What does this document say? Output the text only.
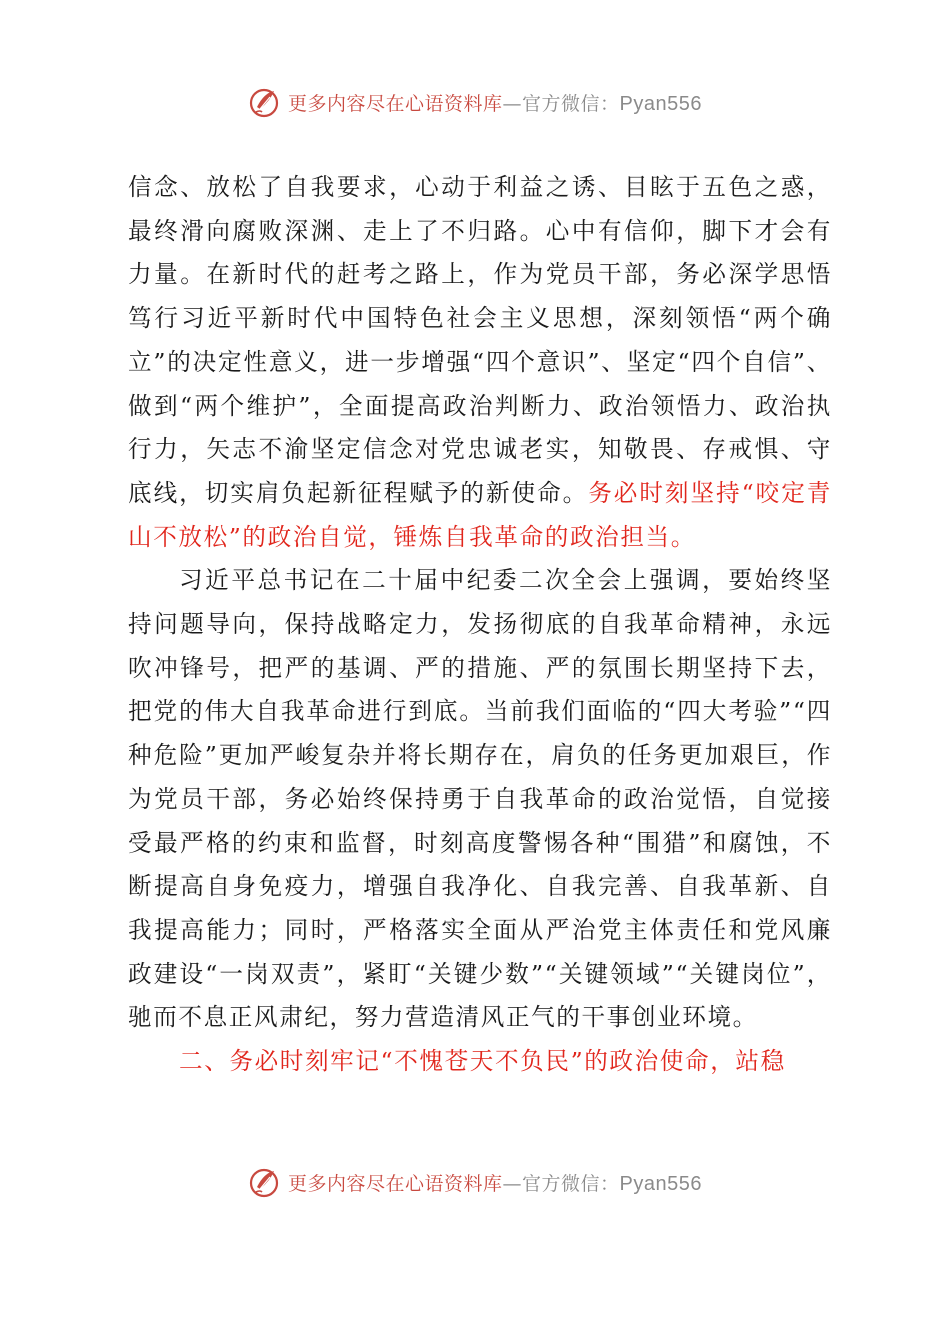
更多内容尽在心语资料库 — 官方微信： Pyan556

信念、放松了自我要求，心动于利益之诱、目眩于五色之惑，最终滑向腐败深渊、走上了不归路。心中有信仰，脚下才会有力量。在新时代的赶考之路上，作为党员干部，务必深学思悟笃行习近平新时代中国特色社会主义思想，深刻领悟“两个确立”的决定性意义，进一步增强“四个意识”、坚定“四个自信”、做到“两个维护”，全面提高政治判断力、政治领悟力、政治执行力，矢志不渝坚定信念对党忠诚老实，知敬畏、存戒惧、守底线，切实肩负起新征程赋予的新使命。务必时刻坚持“咬定青山不放松”的政治自觉，锤炼自我革命的政治担当。

习近平总书记在二十届中纪委二次全会上强调，要始终坚持问题导向，保持战略定力，发扬彻底的自我革命精神，永远吹冲锋号，把严的基调、严的措施、严的氛围长期坚持下去，把党的伟大自我革命进行到底。当前我们面临的“四大考验”“四种危险”更加严峻复杂并将长期存在，肩负的任务更加艰巨，作为党员干部，务必始终保持勇于自我革命的政治觉悟，自觉接受最严格的约束和监督，时刻高度警惕各种“围猎”和腐蚀，不断提高自身免疫力，增强自我净化、自我完善、自我革新、自我提高能力；同时，严格落实全面从严治党主体责任和党风廉政建设“一岗双责”，紧盯“关键少数”“关键领域”“关键岗位”，驰而不息正风肃纪，努力营造清风正气的干事创业环境。

二、务必时刻牢记“不愧苍天不负民”的政治使命，站稳

更多内容尽在心语资料库 — 官方微信： Pyan556
